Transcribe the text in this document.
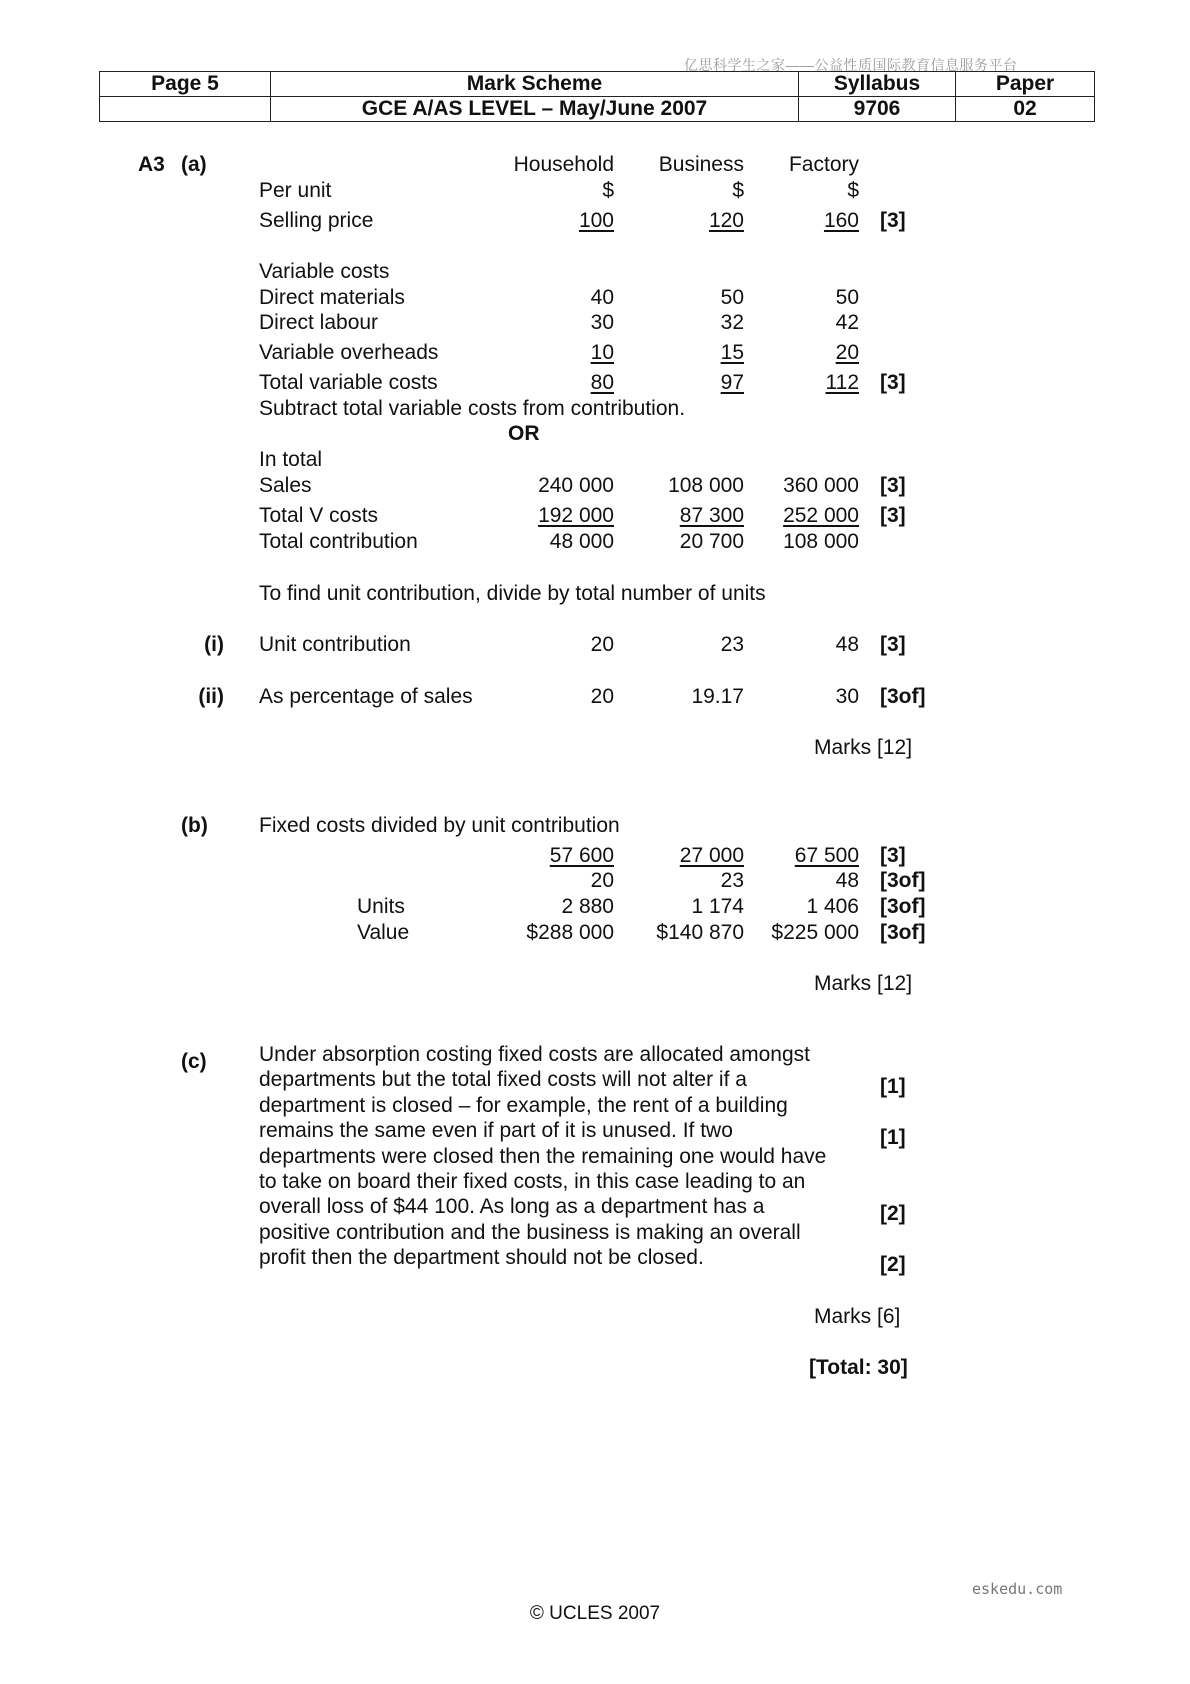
亿思科学生之家——公益性质国际教育信息服务平台
eskedu.com
Page 5	Mark Scheme	Syllabus	Paper
	GCE A/AS LEVEL – May/June 2007	9706	02
A3 (a)	Household	Business	Factory
Per unit	$	$	$
Selling price	100	120	160 [3]
Variable costs
Direct materials	40	50	50
Direct labour	30	32	42
Variable overheads	10	15	20
Total variable costs	80	97	112 [3]
Subtract total variable costs from contribution.
OR
In total
Sales	240 000	108 000	360 000 [3]
Total V costs	192 000	87 300	252 000 [3]
Total contribution	48 000	20 700	108 000
To find unit contribution, divide by total number of units
(i) Unit contribution	20	23	48 [3]
(ii) As percentage of sales	20	19.17	30 [3of]
Marks [12]
(b) Fixed costs divided by unit contribution
57 600	27 000	67 500 [3]
20	23	48 [3of]
Units	2 880	1 174	1 406 [3of]
Value	$288 000	$140 870	$225 000 [3of]
Marks [12]
(c) Under absorption costing fixed costs are allocated amongst
departments but the total fixed costs will not alter if a
department is closed – for example, the rent of a building
remains the same even if part of it is unused. If two
departments were closed then the remaining one would have
to take on board their fixed costs, in this case leading to an
overall loss of $44 100. As long as a department has a
positive contribution and the business is making an overall
profit then the department should not be closed.
[1]
[1]
[2]
[2]
Marks [6]
[Total: 30]
© UCLES 2007
